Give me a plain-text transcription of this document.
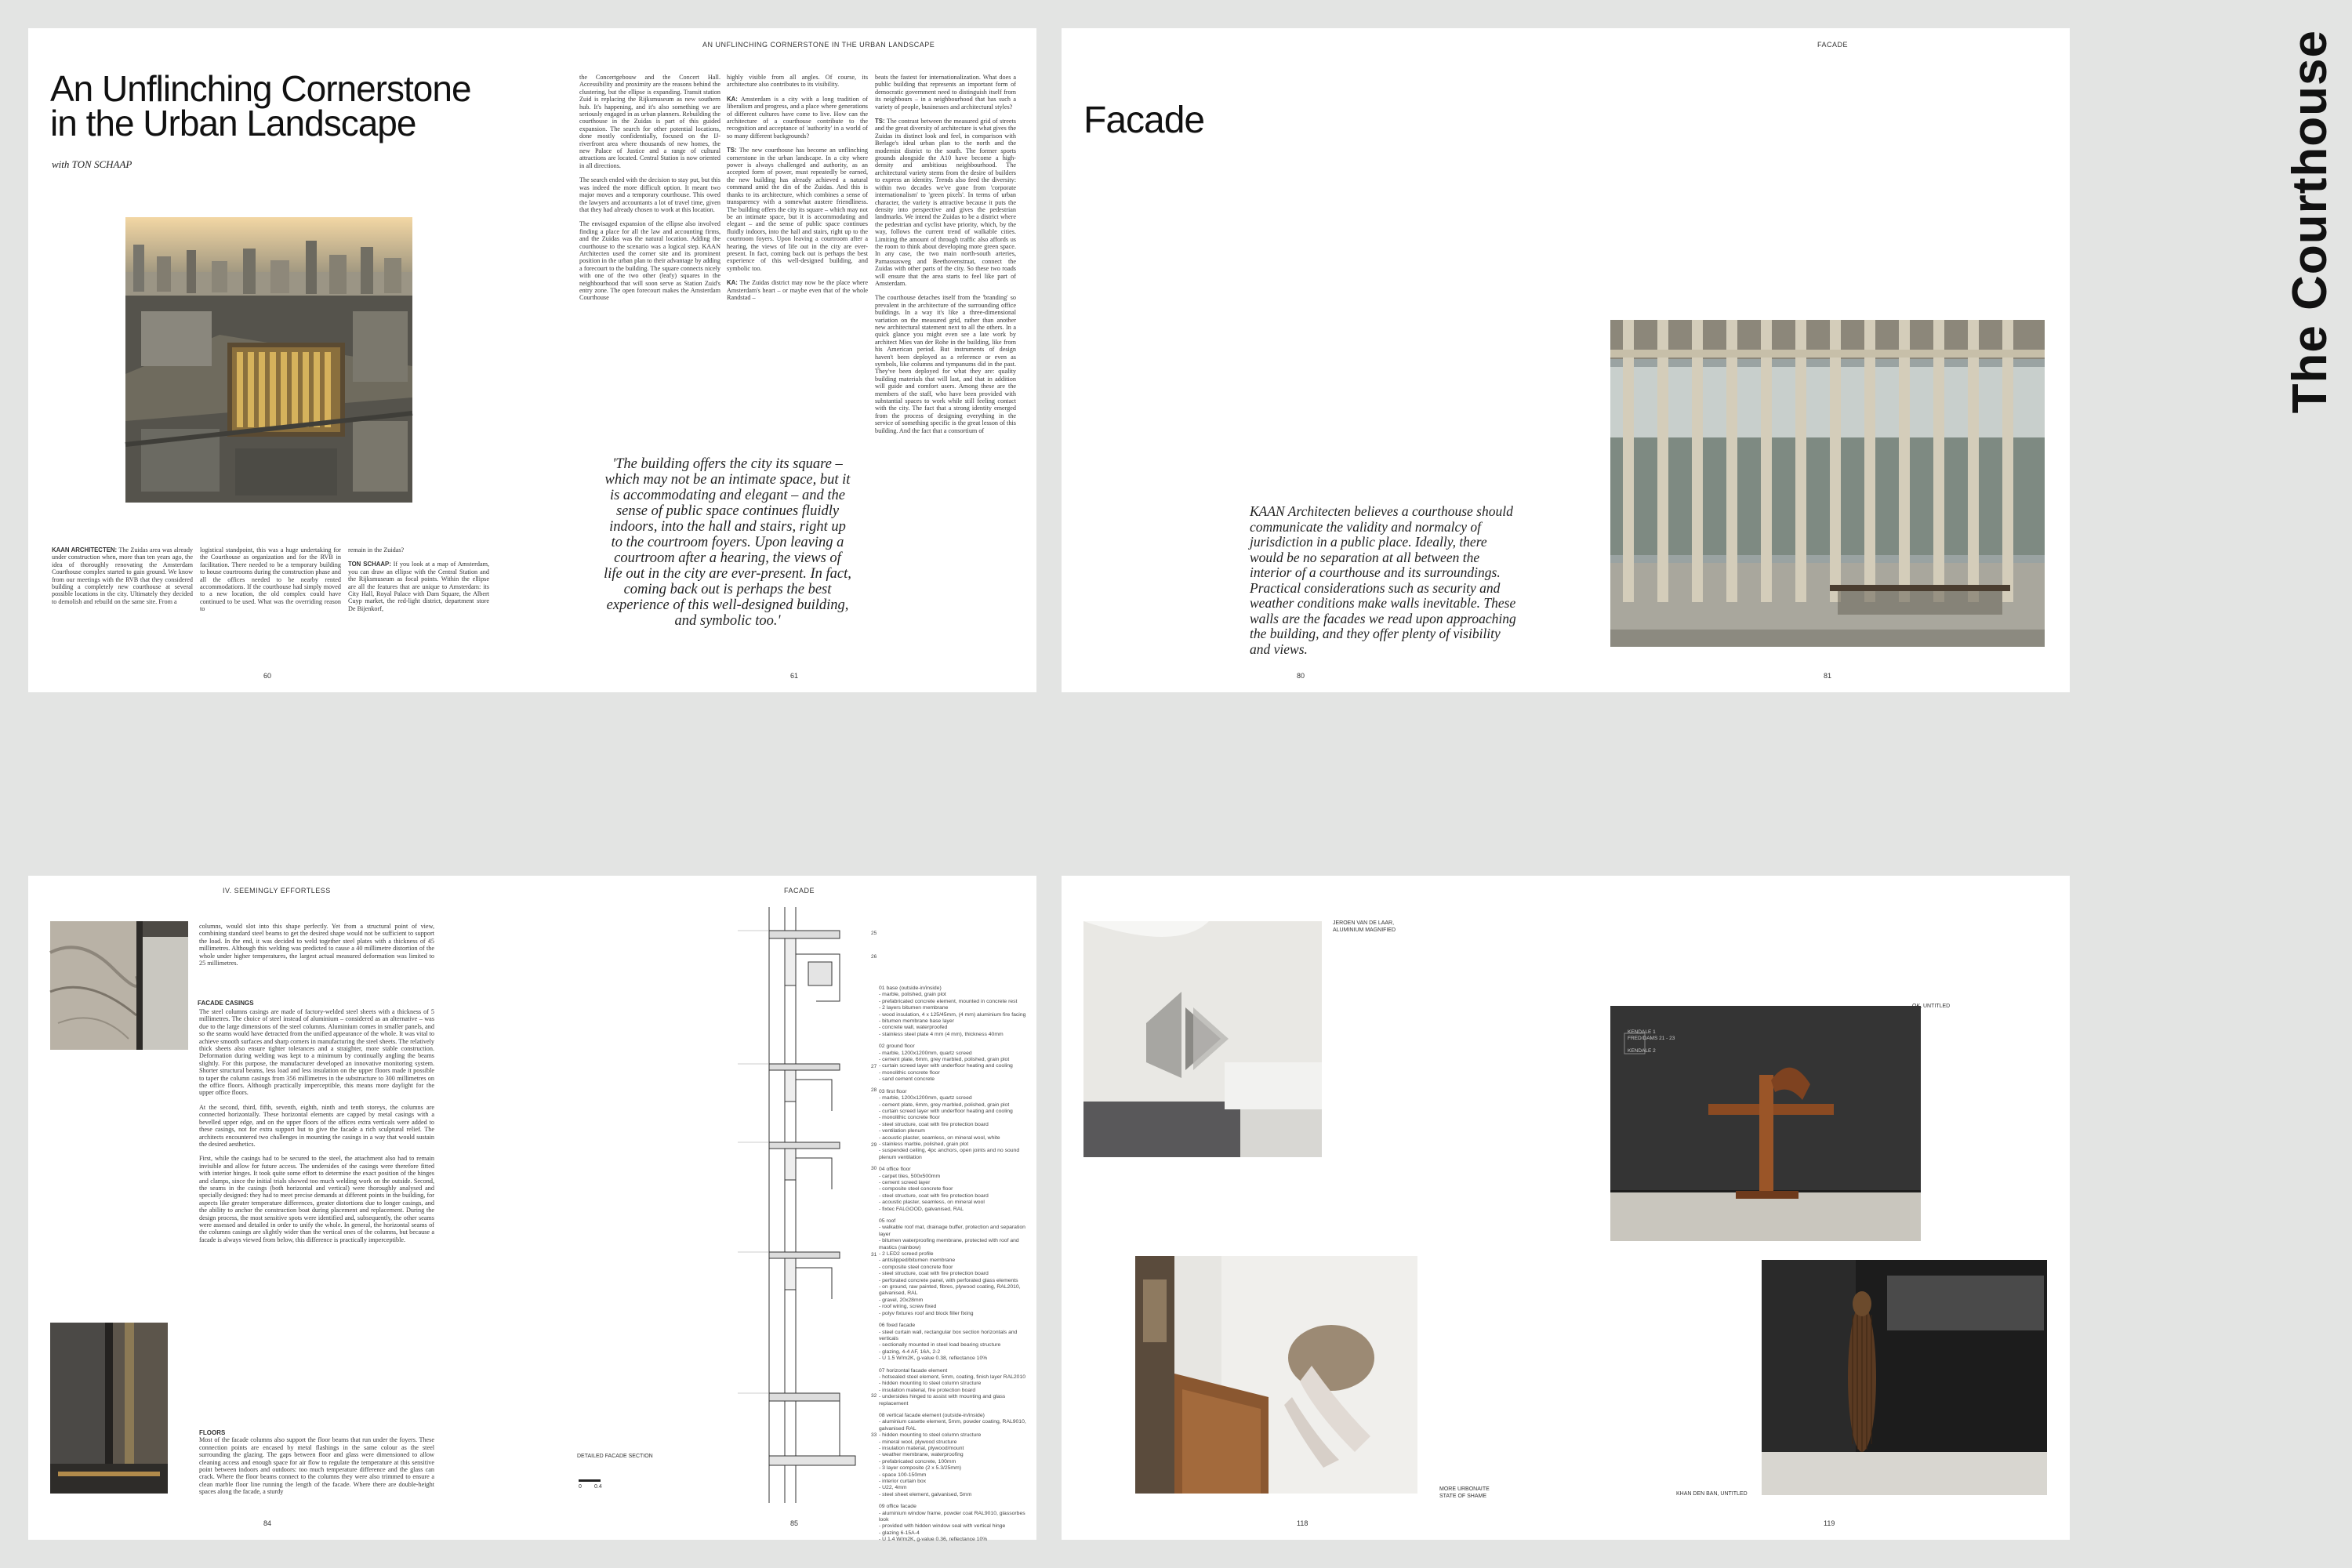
The Courthouse
AN UNFLINCHING CORNERSTONE IN THE URBAN LANDSCAPE
An Unflinching Cornerstone
in the Urban Landscape
with TON SCHAAP
KAAN ARCHITECTEN: The Zuidas area was already under construction when, more than ten years ago, the idea of thoroughly renovating the Amsterdam Courthouse complex started to gain ground. We know from our meetings with the RVB that they considered building a completely new courthouse at several possible locations in the city. Ultimately they decided to demolish and rebuild on the same site. From a
logistical standpoint, this was a huge undertaking for the Courthouse as organization and for the RVB in facilitation. There needed to be a temporary building to house courtrooms during the construction phase and all the offices needed to be nearby rented accommodations. If the courthouse had simply moved to a new location, the old complex could have continued to be used. What was the overriding reason to

remain in the Zuidas?

TON SCHAAP: If you look at a map of Amsterdam, you can draw an ellipse with the Central Station and the Rijksmuseum as focal points. Within the ellipse are all the features that are unique to Amsterdam: its City Hall, Royal Palace with Dam Square, the Albert Cuyp market, the red-light district, department store De Bijenkorf,

the Concertgebouw and the Concert Hall. Accessibility and proximity are the reasons behind the clustering, but the ellipse is expanding. Transit station Zuid is replacing the Rijksmuseum as new southern hub. It's happening, and it's also something we are seriously engaged in as urban planners. Rebuilding the courthouse in the Zuidas is part of this guided expansion. The search for other potential locations, done mostly confidentially, focused on the IJ-riverfront area where thousands of new homes, the new Palace of Justice and a range of cultural attractions are located. Central Station is now oriented in all directions.

The search ended with the decision to stay put, but this was indeed the more difficult option. It meant two major moves and a temporary courthouse. This owed the lawyers and accountants a lot of travel time, given that they had already chosen to work at this location.

The envisaged expansion of the ellipse also involved finding a place for all the law and accounting firms, and the Zuidas was the natural location. Adding the courthouse to the scenario was a logical step. KAAN Architecten used the corner site and its prominent position in the urban plan to their advantage by adding a forecourt to the building. The square connects nicely with one of the two other (leafy) squares in the neighbourhood that will soon serve as Station Zuid's entry zone. The open forecourt makes the Amsterdam Courthouse

highly visible from all angles. Of course, its architecture also contributes to its visibility.

KA: Amsterdam is a city with a long tradition of liberalism and progress, and a place where generations of different cultures have come to live. How can the architecture of a courthouse contribute to the recognition and acceptance of 'authority' in a world of so many different backgrounds?

TS: The new courthouse has become an unflinching cornerstone in the urban landscape. In a city where power is always challenged and authority, as an accepted form of power, must repeatedly be earned, the new building has already achieved a natural command amid the din of the Zuidas. And this is thanks to its architecture, which combines a sense of transparency with a somewhat austere friendliness. The building offers the city its square – which may not be an intimate space, but it is accommodating and elegant – and the sense of public space continues fluidly indoors, into the hall and stairs, right up to the courtroom foyers. Upon leaving a courtroom after a hearing, the views of life out in the city are ever-present. In fact, coming back out is perhaps the best experience of this well-designed building, and symbolic too.

KA: The Zuidas district may now be the place where Amsterdam's heart – or maybe even that of the whole Randstad –

beats the fastest for internationalization. What does a public building that represents an important form of democratic government need to distinguish itself from its neighbours – in a neighbourhood that has such a variety of people, businesses and architectural styles?

TS: The contrast between the measured grid of streets and the great diversity of architecture is what gives the Zuidas its distinct look and feel, in comparison with Berlage's ideal urban plan to the north and the modernist district to the south. The former sports grounds alongside the A10 have become a high-density and ambitious neighbourhood. The architectural variety stems from the desire of builders to express an identity. Trends also feed the diversity: within two decades we've gone from 'corporate internationalism' to 'green pixels'. In terms of urban character, the variety is attractive because it puts the density into perspective and gives the pedestrian landmarks. We intend the Zuidas to be a district where the pedestrian and cyclist have priority, which, by the way, follows the current trend of walkable cities. Limiting the amount of through traffic also affords us the room to think about developing more green space. In any case, the two main north-south arteries, Parnassusweg and Beethovenstraat, connect the Zuidas with other parts of the city. So these two roads will ensure that the area starts to feel like part of Amsterdam.

The courthouse detaches itself from the 'branding' so prevalent in the architecture of the surrounding office buildings. In a way it's like a three-dimensional variation on the measured grid, rather than another new architectural statement next to all the others. In a quick glance you might even see a late work by architect Mies van der Rohe in the building, like from his American period. But instruments of design haven't been deployed as a reference or even as symbols, like columns and tympanums did in the past. They've been deployed for what they are: quality building materials that will last, and that in addition will guide and comfort users. Among these are the members of the staff, who have been provided with substantial spaces to work while still feeling contact with the city. The fact that a strong identity emerged from the process of designing everything in the service of something specific is the great lesson of this building. And the fact that a consortium of

'The building offers the city its square – which may not be an intimate space, but it is accommodating and elegant – and the sense of public space continues fluidly indoors, into the hall and stairs, right up to the courtroom foyers. Upon leaving a courtroom after a hearing, the views of life out in the city are ever-present. In fact, coming back out is perhaps the best experience of this well-designed building, and symbolic too.'
60	61
FACADE
Facade
KAAN Architecten believes a courthouse should communicate the validity and normalcy of jurisdiction in a public place. Ideally, there would be no separation at all between the interior of a courthouse and its surroundings. Practical considerations such as security and weather conditions make walls inevitable. These walls are the facades we read upon approaching the building, and they offer plenty of visibility and views.
80	81
IV. SEEMINGLY EFFORTLESS	FACADE
columns, would slot into this shape perfectly. Yet from a structural point of view, combining standard steel beams to get the desired shape would not be sufficient to support the load. In the end, it was decided to weld together steel plates with a thickness of 45 millimetres. Although this welding was predicted to cause a 40 millimetre distortion of the whole under higher temperatures, the largest actual measured deformation was limited to 25 millimetres.
FACADE CASINGS

The steel columns casings are made of factory-welded steel sheets with a thickness of 5 millimetres. The choice of steel instead of aluminium – considered as an alternative – was due to the large dimensions of the steel columns. Aluminium comes in smaller panels, and so the seams would have detracted from the unified appearance of the whole. It was vital to achieve smooth surfaces and sharp corners in manufacturing the steel sheets. The relatively thick sheets also ensure tighter tolerances and a straighter, more stable construction. Deformation during welding was kept to a minimum by continually angling the beams slightly. For this purpose, the manufacturer developed an innovative monitoring system. Shorter structural beams, less load and less insulation on the upper floors made it possible to taper the column casings from 356 millimetres in the substructure to 300 millimetres on the office floors. Although practically imperceptible, this means more daylight for the upper office floors.

At the second, third, fifth, seventh, eighth, ninth and tenth storeys, the columns are connected horizontally. These horizontal elements are capped by metal casings with a bevelled upper edge, and on the upper floors of the offices extra verticals were added to these casings, not for extra support but to give the facade a rich sculptural relief. The architects encountered two challenges in mounting the casings in a way that would sustain the desired aesthetics.

First, while the casings had to be secured to the steel, the attachment also had to remain invisible and allow for future access. The undersides of the casings were therefore fitted with interior hinges. It took quite some effort to determine the exact position of the hinges and clamps, since the initial trials showed too much welding work on the outside. Second, the seams in the casings (both horizontal and vertical) were thoroughly analysed and specially designed: they had to meet precise demands at different points in the building, for aspects like greater temperature differences, greater distortions due to longer casings, and the ability to anchor the construction boat during placement and replacement. During the design process, the most sensitive spots were identified and, subsequently, the other seams were assessed and detailed in order to unify the whole. In general, the horizontal seams of the columns casings are slightly wider than the vertical ones of the columns, but because a facade is always viewed from below, this difference is practically imperceptible.

FLOORS

Most of the facade columns also support the floor beams that run under the foyers. These connection points are encased by metal flashings in the same colour as the steel surrounding the glazing. The gaps between floor and glass were dimensioned to allow cleaning access and enough space for air flow to regulate the temperature at this sensitive point between indoors and outdoors: too much temperature difference and the glass can crack. Where the floor beams connect to the columns they were also trimmed to ensure a clean marble floor line running the length of the facade. Where there are double-height spaces along the facade, a sturdy

25
26
27
28
29
30
31
32
33
DETAILED FACADE SECTION
0 0.4

01 base (outside-in/inside)
- marble, polished, grain plot
- prefabricated concrete element, mounted in concrete rest
- 2 layers bitumen membrane
- wood insulation, 4 x 125/45mm, (4 mm) aluminium fire facing
- bitumen membrane base layer
- concrete wall, waterproofed
- stainless steel plate 4 mm (4 mm), thickness 40mm

02 ground floor
- marble, 1200x1200mm, quartz screed
- cement plate, 6mm, grey marbled, polished, grain plot
- curtain screed layer with underfloor heating and cooling
- monolithic concrete floor
- sand cement concrete

03 first floor
- marble, 1200x1200mm, quartz screed
- cement plate, 6mm, grey marbled, polished, grain plot
- curtain screed layer with underfloor heating and cooling
- monolithic concrete floor
- steel structure, coat with fire protection board
- ventilation plenum
- acoustic plaster, seamless, on mineral wool, white
- stainless marble, polished, grain plot
- suspended ceiling, 4pc anchors, open joints and no sound plenum ventilation

04 office floor
- carpet tiles, 500x500mm
- cement screed layer
- composite steel concrete floor
- steel structure, coat with fire protection board
- acoustic plaster, seamless, on mineral wool
- fixtec FALGOOD, galvanised, RAL

05 roof
- walkable roof mat, drainage buffer, protection and separation layer
- bitumen waterproofing membrane, protected with roof and mastics (rainbow)
- 2 LED2 screed profile
- antislipped/bitumen membrane
- composite steel concrete floor
- steel structure, coat with fire protection board
- perforated concrete panel, with perforated glass elements
- on ground, raw painted, fibres, plywood coating, RAL2010, galvanised, RAL
- gravel, 20x28mm
- roof wiring, screw fixed
- polyv fixtures roof and block filler fixing

06 fixed facade
- steel curtain wall, rectangular box section horizontals and verticals
- sectionally mounted in steel load bearing structure
- glazing, 4-4 AF, 16A, 2-2
- U 1.5 W/m2K, g-value 0.38, reflectance 10%

07 horizontal facade element
- hotsealed steel element, 5mm, coating, finish layer RAL2010
- hidden mounting to steel column structure
- insulation material, fire protection board
- undersides hinged to assist with mounting and glass replacement

08 vertical facade element (outside-in/inside)
- aluminium casette element, 5mm, powder coating, RAL9010, galvanised RAL
- hidden mounting to steel column structure
- mineral wool, plywood structure
- insulation material, plywood/mount
- weather membrane, waterproofing
- prefabricated concrete, 100mm
- 3 layer composite (2 x 5.3/25mm)
- space 100-150mm
- interior curtain box
- U22, 4mm
- steel sheet element, galvanised, 5mm

09 office facade
- aluminium window frame, powder coat RAL9010, glassorbes look
- provided with hidden window seal with vertical hinge
- glazing 6-15A-4
- U 1.4 W/m2K, g-value 0.36, reflectance 10%

84	85
JEROEN VAN DE LAAR,
ALUMINIUM MAGNIFIED
KENDALE 1
FRED/DAMS 21 - 23
KENDALE 2
OK, UNTITLED
MORE URBONAITE
STATE OF SHAME	KHAN DEN BAN, UNTITLED
118	119
